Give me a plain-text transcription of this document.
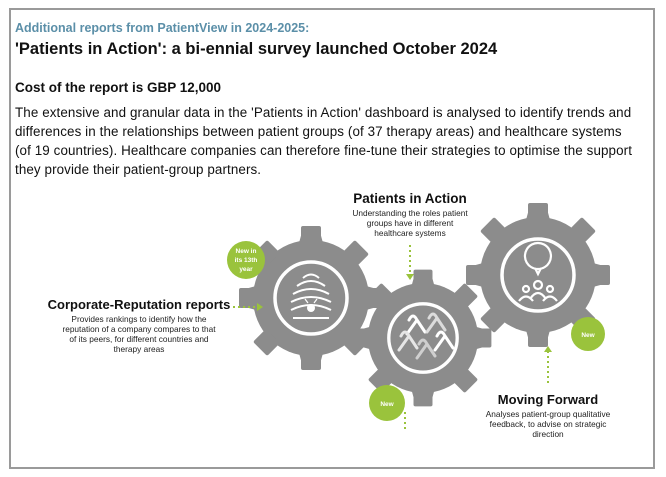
Additional reports from PatientView in 2024-2025:

'Patients in Action': a bi-ennial survey launched October 2024

Cost of the report is GBP 12,000

The extensive and granular data in the 'Patients in Action' dashboard is analysed to identify trends and differences in the relationships between patient groups (of 37 therapy areas) and healthcare systems (of 19 countries). Healthcare companies can therefore fine-tune their strategies to optimise the support they provide their patient-group partners.

New in
its 13th
year
New
New
Patients in Action
Understanding the roles patient
groups have in different
healthcare systems
Corporate-Reputation reports
Provides rankings to identify how the
reputation of a company compares to that
of its peers, for different countries and
therapy areas
Moving Forward
Analyses patient-group qualitative
feedback, to advise on strategic
direction
